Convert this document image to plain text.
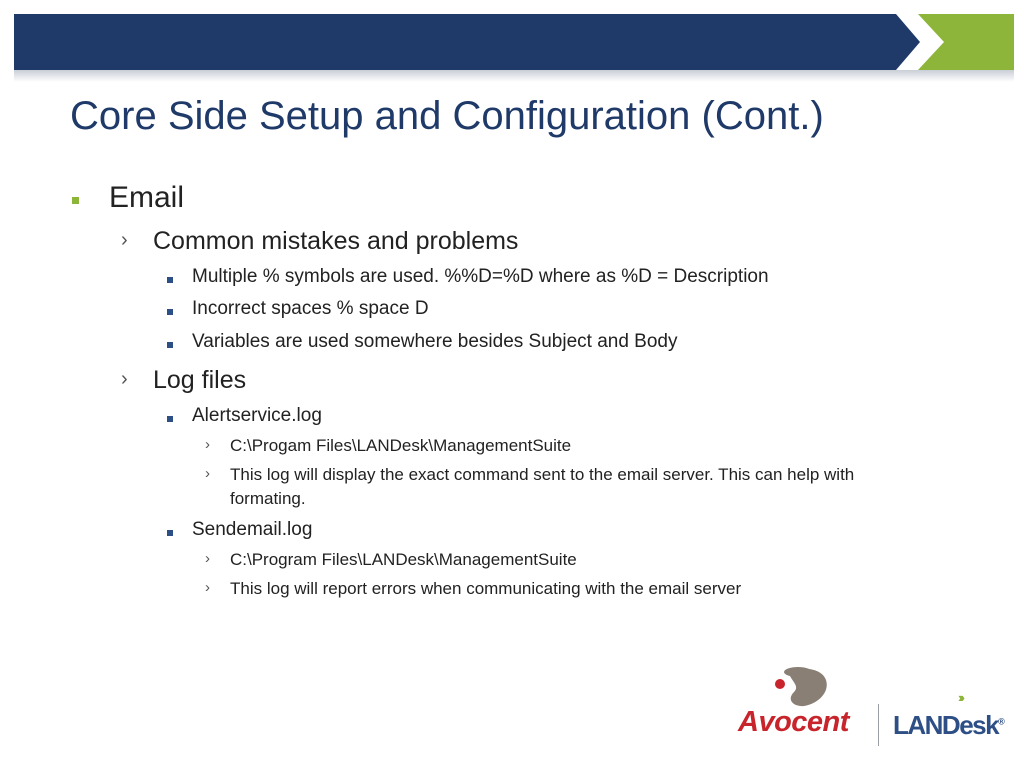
Core Side Setup and Configuration (Cont.)
Email
› Common mistakes and problems
Multiple % symbols are used. %%D=%D where as %D = Description
Incorrect spaces % space D
Variables are used somewhere besides Subject and Body
› Log files
Alertservice.log
› C:\Progam Files\LANDesk\ManagementSuite
› This log will display the exact command sent to the email server. This can help with
formating.
Sendemail.log
› C:\Program Files\LANDesk\ManagementSuite
› This log will report errors when communicating with the email server
Avocent
›››
LANDesk®
